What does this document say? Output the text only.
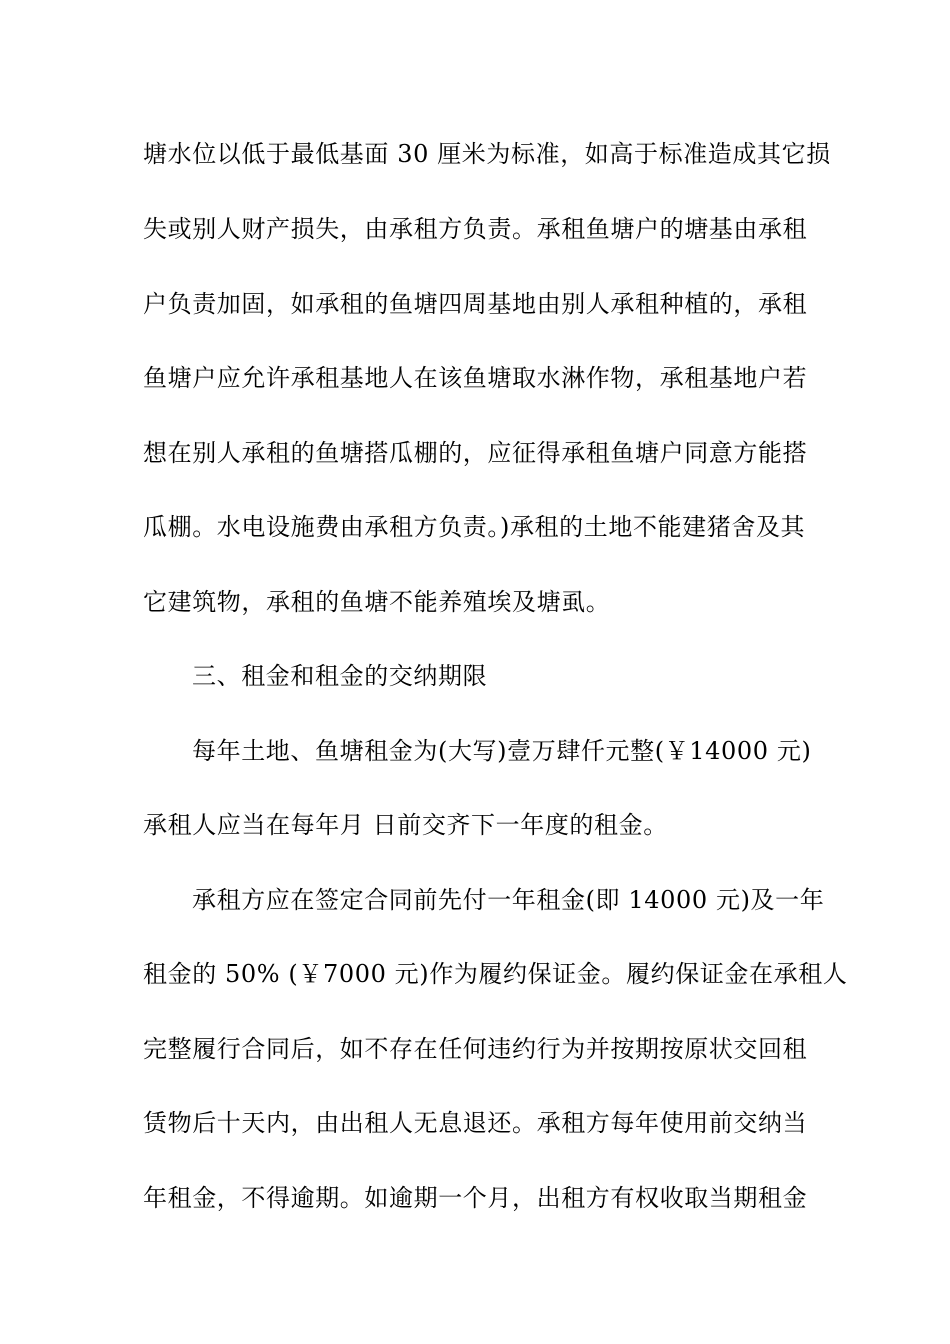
塘水位以低于最低基面 30 厘米为标准，如高于标准造成其它损
失或别人财产损失，由承租方负责。承租鱼塘户的塘基由承租
户负责加固，如承租的鱼塘四周基地由别人承租种植的，承租
鱼塘户应允许承租基地人在该鱼塘取水淋作物，承租基地户若
想在别人承租的鱼塘搭瓜棚的，应征得承租鱼塘户同意方能搭
瓜棚。水电设施费由承租方负责。)承租的土地不能建猪舍及其
它建筑物，承租的鱼塘不能养殖埃及塘虱。
三、租金和租金的交纳期限
每年土地、鱼塘租金为(大写)壹万肆仟元整(￥14000 元)
承租人应当在每年月 日前交齐下一年度的租金。
承租方应在签定合同前先付一年租金(即 14000 元)及一年
租金的 50% (￥7000 元)作为履约保证金。履约保证金在承租人
完整履行合同后，如不存在任何违约行为并按期按原状交回租
赁物后十天内，由出租人无息退还。承租方每年使用前交纳当
年租金，不得逾期。如逾期一个月，出租方有权收取当期租金
